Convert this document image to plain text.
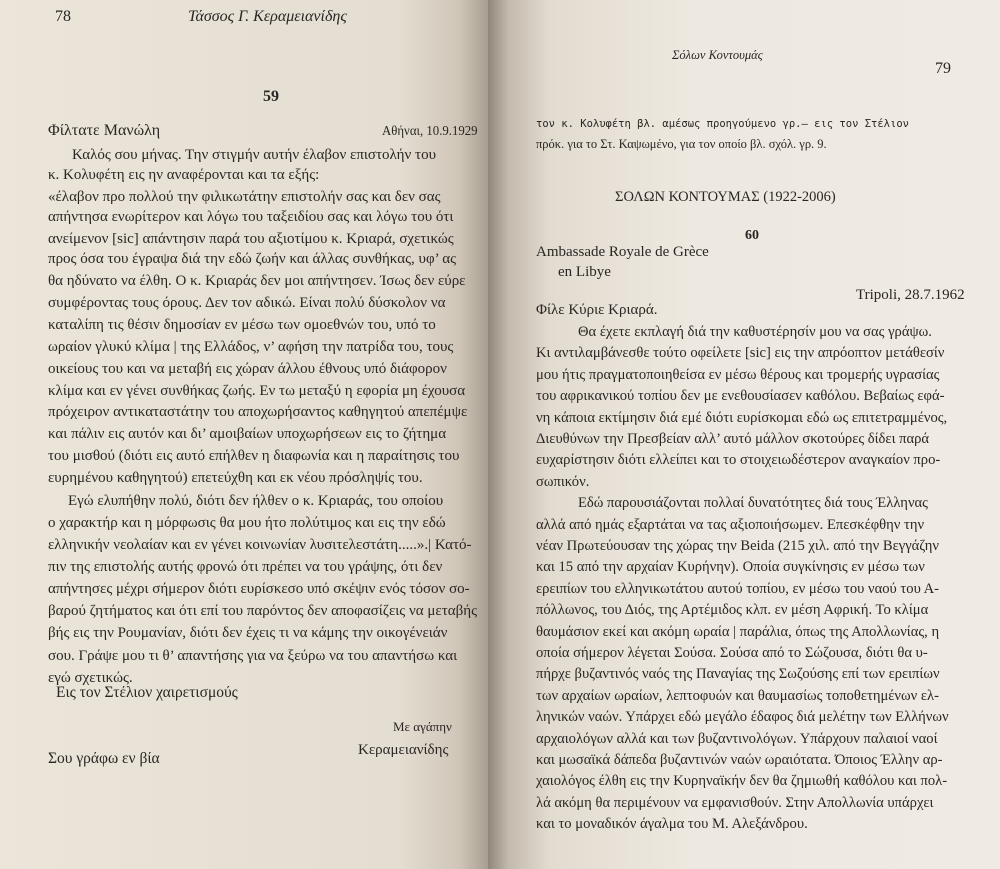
78	Τάσσος Γ. Κεραμειανίδης
59
Φίλτατε Μανώλη	Αθήναι, 10.9.1929
Καλός σου μήνας. Την στιγμήν αυτήν έλαβον επιστολήν του
κ. Κολυφέτη εις ην αναφέρονται και τα εξής:
«έλαβον προ πολλού την φιλικωτάτην επιστολήν σας και δεν σας
απήντησα ενωρίτερον και λόγω του ταξειδίου σας και λόγω του ότι
ανείμενον [sic] απάντησιν παρά του αξιοτίμου κ. Κριαρά, σχετικώς
προς όσα του έγραψα διά την εδώ ζωήν και άλλας συνθήκας, υφ’ ας
θα ηδύνατο να έλθη. Ο κ. Κριαράς δεν μοι απήντησεν. Ίσως δεν εύρε
συμφέροντας τους όρους. Δεν τον αδικώ. Είναι πολύ δύσκολον να
καταλίπη τις θέσιν δημοσίαν εν μέσω των ομοεθνών του, υπό το
ωραίον γλυκύ κλίμα | της Ελλάδος, ν’ αφήση την πατρίδα του, τους
οικείους του και να μεταβή εις χώραν άλλου έθνους υπό διάφορον
κλίμα και εν γένει συνθήκας ζωής. Εν τω μεταξύ η εφορία μη έχουσα
πρόχειρον αντικαταστάτην του αποχωρήσαντος καθηγητού απεπέμψε
και πάλιν εις αυτόν και δι’ αμοιβαίων υποχωρήσεων εις το ζήτημα
του μισθού (διότι εις αυτό επήλθεν η διαφωνία και η παραίτησις του
ευρημένου καθηγητού) επετεύχθη και εκ νέου πρόσληψίς του.
Εγώ ελυπήθην πολύ, διότι δεν ήλθεν ο κ. Κριαράς, του οποίου
ο χαρακτήρ και η μόρφωσις θα μου ήτο πολύτιμος και εις την εδώ
ελληνικήν νεολαίαν και εν γένει κοινωνίαν λυσιτελεστάτη.....».| Κατό-
πιν της επιστολής αυτής φρονώ ότι πρέπει να του γράψης, ότι δεν
απήντησες μέχρι σήμερον διότι ευρίσκεσο υπό σκέψιν ενός τόσον σο-
βαρού ζητήματος και ότι επί του παρόντος δεν αποφασίζεις να μεταβής
βής εις την Ρουμανίαν, διότι δεν έχεις τι να κάμης την οικογένειάν
σου. Γράψε μου τι θ’ απαντήσης για να ξεύρω να του απαντήσω και
εγώ σχετικώς.
Εις τον Στέλιον χαιρετισμούς
Με αγάπην
Κεραμειανίδης
Σου γράφω εν βία
Σόλων Κοντουμάς
79
τον κ. Κολυφέτη βλ. αμέσως προηγούμενο γρ.– εις τον Στέλιον
πρόκ. για το Στ. Καψωμένο, για τον οποίο βλ. σχόλ. γρ. 9.
ΣΟΛΩΝ ΚΟΝΤΟΥΜΑΣ (1922-2006)
60
Ambassade Royale de Grèce
en Libye
Tripoli, 28.7.1962
Φίλε Κύριε Κριαρά.
Θα έχετε εκπλαγή διά την καθυστέρησίν μου να σας γράψω.
Κι αντιλαμβάνεσθε τούτο οφείλετε [sic] εις την απρόοπτον μετάθεσίν
μου ήτις πραγματοποιηθείσα εν μέσω θέρους και τρομερής υγρασίας
του αφρικανικού τοπίου δεν με ενεθουσίασεν καθόλου. Βεβαίως εφά-
νη κάποια εκτίμησιν διά εμέ διότι ευρίσκομαι εδώ ως επιτετραμμένος,
Διευθύνων την Πρεσβείαν αλλ’ αυτό μάλλον σκοτούρες δίδει παρά
ευχαρίστησιν διότι ελλείπει και το στοιχειωδέστερον αναγκαίον προ-
σωπικόν.
Εδώ παρουσιάζονται πολλαί δυνατότητες διά τους Έλληνας
αλλά από ημάς εξαρτάται να τας αξιοποιήσωμεν. Επεσκέφθην την
νέαν Πρωτεύουσαν της χώρας την Beida (215 χιλ. από την Βεγγάζην
και 15 από την αρχαίαν Κυρήνην). Οποία συγκίνησις εν μέσω των
ερειπίων του ελληνικωτάτου αυτού τοπίου, εν μέσω του ναού του Α-
πόλλωνος, του Διός, της Αρτέμιδος κλπ. εν μέση Αφρική. Το κλίμα
θαυμάσιον εκεί και ακόμη ωραία | παράλια, όπως της Απολλωνίας, η
οποία σήμερον λέγεται Σούσα. Σούσα από το Σώζουσα, διότι θα υ-
πήρχε βυζαντινός ναός της Παναγίας της Σωζούσης επί των ερειπίων
των αρχαίων ωραίων, λεπτοφυών και θαυμασίως τοποθετημένων ελ-
ληνικών ναών. Υπάρχει εδώ μεγάλο έδαφος διά μελέτην των Ελλήνων
αρχαιολόγων αλλά και των βυζαντινολόγων. Υπάρχουν παλαιοί ναοί
και μωσαϊκά δάπεδα βυζαντινών ναών ωραιότατα. Όποιος Έλλην αρ-
χαιολόγος έλθη εις την Κυρηναϊκήν δεν θα ζημιωθή καθόλου και πολ-
λά ακόμη θα περιμένουν να εμφανισθούν. Στην Απολλωνία υπάρχει
και το μοναδικόν άγαλμα του Μ. Αλεξάνδρου.
